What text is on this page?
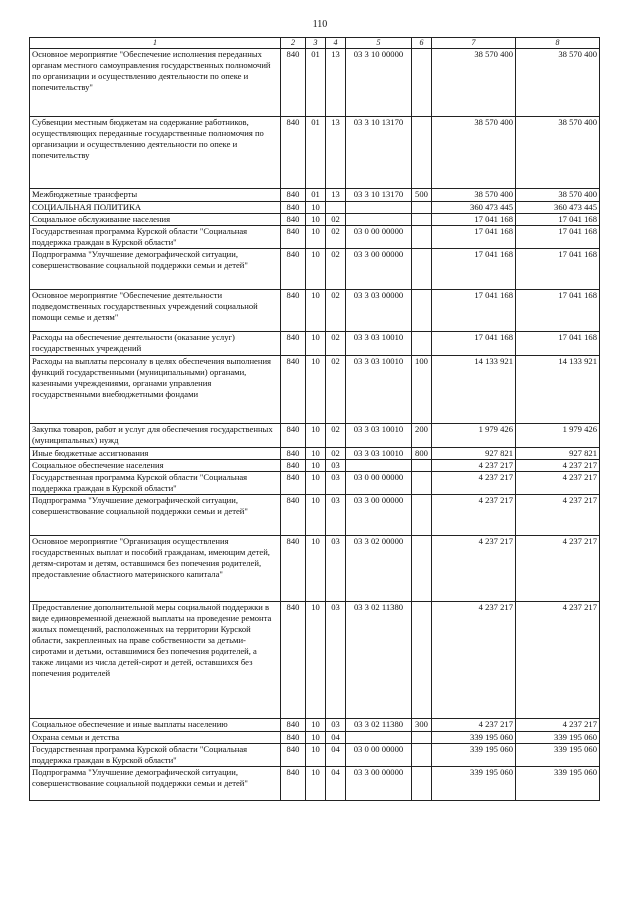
110
1	2	3	4	5	6	7	8
Основное мероприятие "Обеспечение исполнения переданных органам местного самоуправления государственных полномочий по организации и осуществлению деятельности по опеке и попечительству"	840	01	13	03 3 10 00000		38 570 400	38 570 400
Субвенции местным бюджетам на содержание работников, осуществляющих переданные государственные полномочия по организации и осуществлению деятельности по опеке и попечительству	840	01	13	03 3 10 13170		38 570 400	38 570 400
Межбюджетные трансферты	840	01	13	03 3 10 13170	500	38 570 400	38 570 400
СОЦИАЛЬНАЯ ПОЛИТИКА	840	10				360 473 445	360 473 445
Социальное обслуживание населения	840	10	02			17 041 168	17 041 168
Государственная программа Курской области "Социальная поддержка граждан в Курской области"	840	10	02	03 0 00 00000		17 041 168	17 041 168
Подпрограмма "Улучшение демографической ситуации, совершенствование социальной поддержки семьи и детей"	840	10	02	03 3 00 00000		17 041 168	17 041 168
Основное мероприятие "Обеспечение деятельности подведомственных государственных учреждений социальной помощи семье и детям"	840	10	02	03 3 03 00000		17 041 168	17 041 168
Расходы на обеспечение деятельности (оказание услуг) государственных учреждений	840	10	02	03 3 03 10010		17 041 168	17 041 168
Расходы на выплаты персоналу в целях обеспечения выполнения функций государственными (муниципальными) органами, казенными учреждениями, органами управления государственными внебюджетными фондами	840	10	02	03 3 03 10010	100	14 133 921	14 133 921
Закупка товаров, работ и услуг для обеспечения государственных (муниципальных) нужд	840	10	02	03 3 03 10010	200	1 979 426	1 979 426
Иные бюджетные ассигнования	840	10	02	03 3 03 10010	800	927 821	927 821
Социальное обеспечение населения	840	10	03			4 237 217	4 237 217
Государственная программа Курской области "Социальная поддержка граждан в Курской области"	840	10	03	03 0 00 00000		4 237 217	4 237 217
Подпрограмма "Улучшение демографической ситуации, совершенствование социальной поддержки семьи и детей"	840	10	03	03 3 00 00000		4 237 217	4 237 217
Основное мероприятие "Организация осуществления государственных выплат и пособий гражданам, имеющим детей, детям-сиротам и детям, оставшимся без попечения родителей, предоставление областного материнского капитала"	840	10	03	03 3 02 00000		4 237 217	4 237 217
Предоставление дополнительной меры социальной поддержки в виде единовременной денежной выплаты на проведение ремонта жилых помещений, расположенных на территории Курской области, закрепленных на праве собственности за детьми-сиротами и детьми, оставшимися без попечения родителей, а также лицами из числа детей-сирот и детей, оставшихся без попечения родителей	840	10	03	03 3 02 11380		4 237 217	4 237 217
Социальное обеспечение и иные выплаты населению	840	10	03	03 3 02 11380	300	4 237 217	4 237 217
Охрана семьи и детства	840	10	04			339 195 060	339 195 060
Государственная программа Курской области "Социальная поддержка граждан в Курской области"	840	10	04	03 0 00 00000		339 195 060	339 195 060
Подпрограмма "Улучшение демографической ситуации, совершенствование социальной поддержки семьи и детей"	840	10	04	03 3 00 00000		339 195 060	339 195 060
